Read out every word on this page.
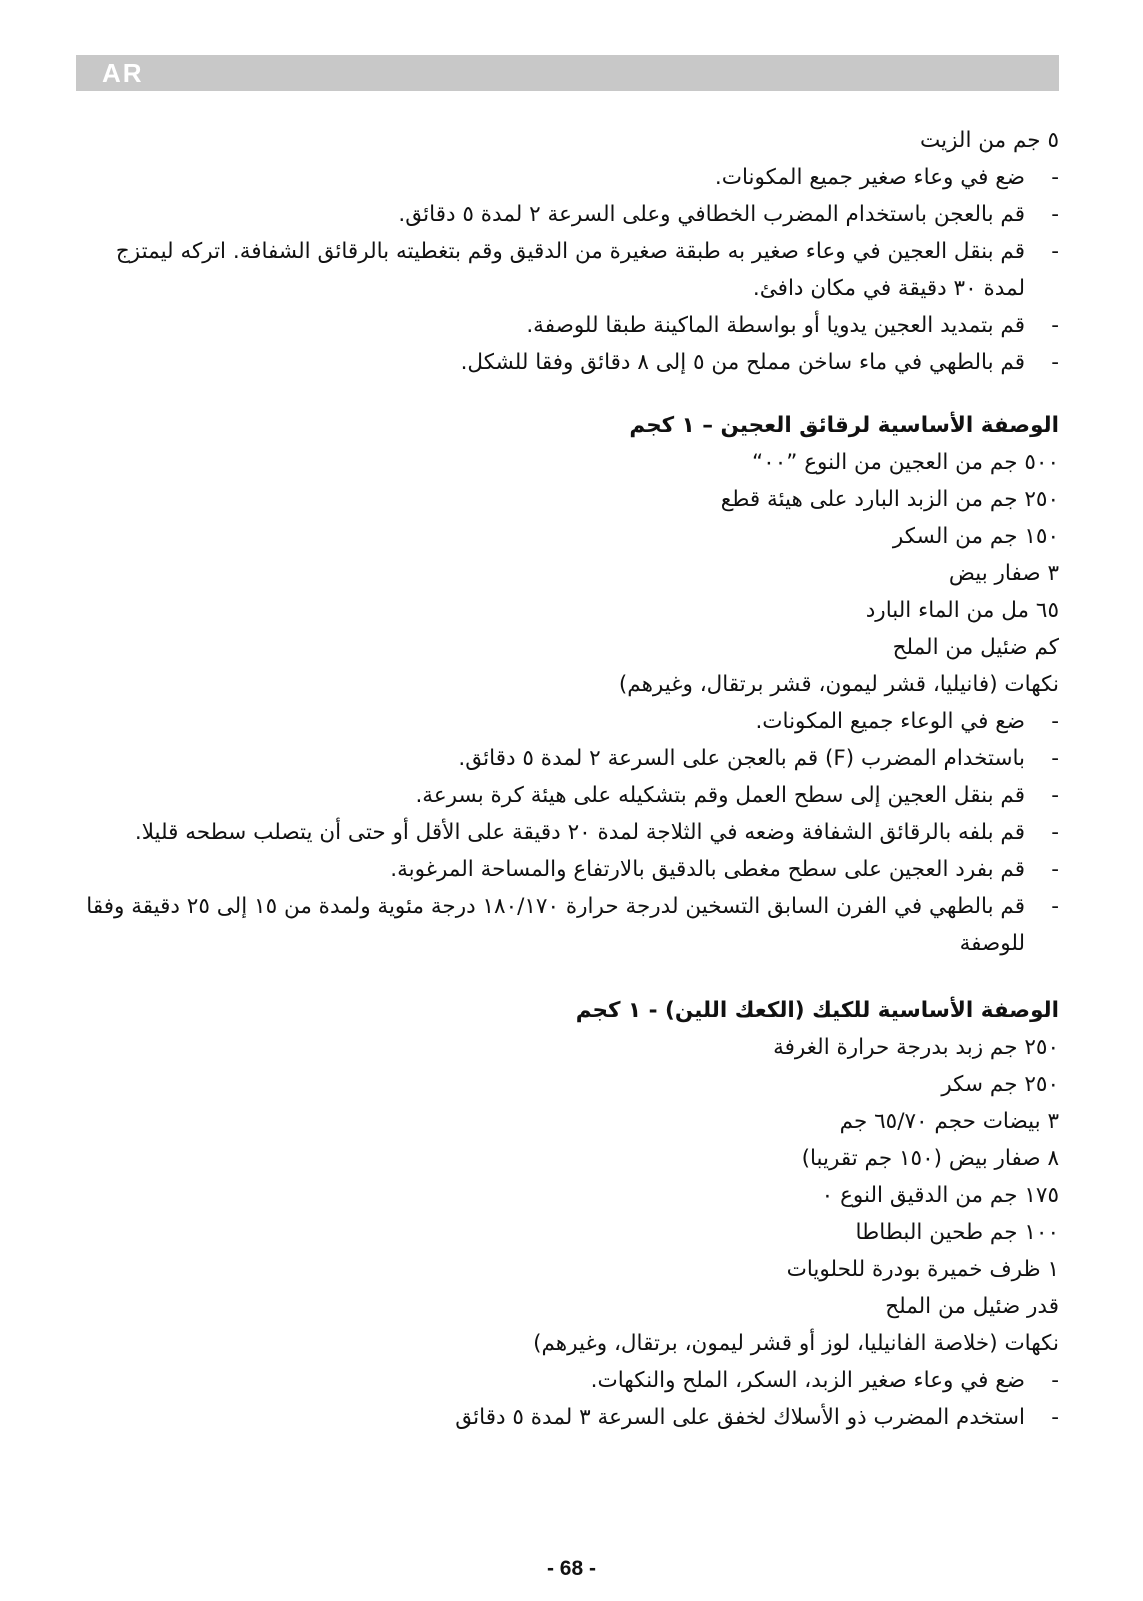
AR

٥ جم من الزيت

- ضع في وعاء صغير جميع المكونات.

- قم بالعجن باستخدام المضرب الخطافي وعلى السرعة ٢ لمدة ٥ دقائق.

- قم بنقل العجين في وعاء صغير به طبقة صغيرة من الدقيق وقم بتغطيته بالرقائق الشفافة. اتركه ليمتزج لمدة ٣٠ دقيقة في مكان دافئ.

- قم بتمديد العجين يدويا أو بواسطة الماكينة طبقا للوصفة.

- قم بالطهي في ماء ساخن مملح من ٥ إلى ٨ دقائق وفقا للشكل.

الوصفة الأساسية لرقائق العجين – ١ كجم

٥٠٠ جم من العجين من النوع ”٠٠“

٢٥٠ جم من الزبد البارد على هيئة قطع

١٥٠ جم من السكر

٣ صفار بيض

٦٥ مل من الماء البارد

كم ضئيل من الملح

نكهات (فانيليا، قشر ليمون، قشر برتقال، وغيرهم)

- ضع في الوعاء جميع المكونات.

- باستخدام المضرب (F) قم بالعجن على السرعة ٢ لمدة ٥ دقائق.

- قم بنقل العجين إلى سطح العمل وقم بتشكيله على هيئة كرة بسرعة.

- قم بلفه بالرقائق الشفافة وضعه في الثلاجة لمدة ٢٠ دقيقة على الأقل أو حتى أن يتصلب سطحه قليلا.

- قم بفرد العجين على سطح مغطى بالدقيق بالارتفاع والمساحة المرغوبة.

- قم بالطهي في الفرن السابق التسخين لدرجة حرارة ١٨٠/١٧٠ درجة مئوية ولمدة من ١٥ إلى ٢٥ دقيقة وفقا للوصفة

الوصفة الأساسية للكيك (الكعك اللين) - ١ كجم

٢٥٠ جم زبد بدرجة حرارة الغرفة

٢٥٠ جم سكر

٣ بيضات حجم ٦٥/٧٠ جم

٨ صفار بيض (١٥٠ جم تقريبا)

١٧٥ جم من الدقيق النوع ٠

١٠٠ جم طحين البطاطا

١ ظرف خميرة بودرة للحلويات

قدر ضئيل من الملح

نكهات (خلاصة الفانيليا، لوز أو قشر ليمون، برتقال، وغيرهم)

- ضع في وعاء صغير الزبد، السكر، الملح والنكهات.

- استخدم المضرب ذو الأسلاك لخفق على السرعة ٣ لمدة ٥ دقائق

- 68 -
